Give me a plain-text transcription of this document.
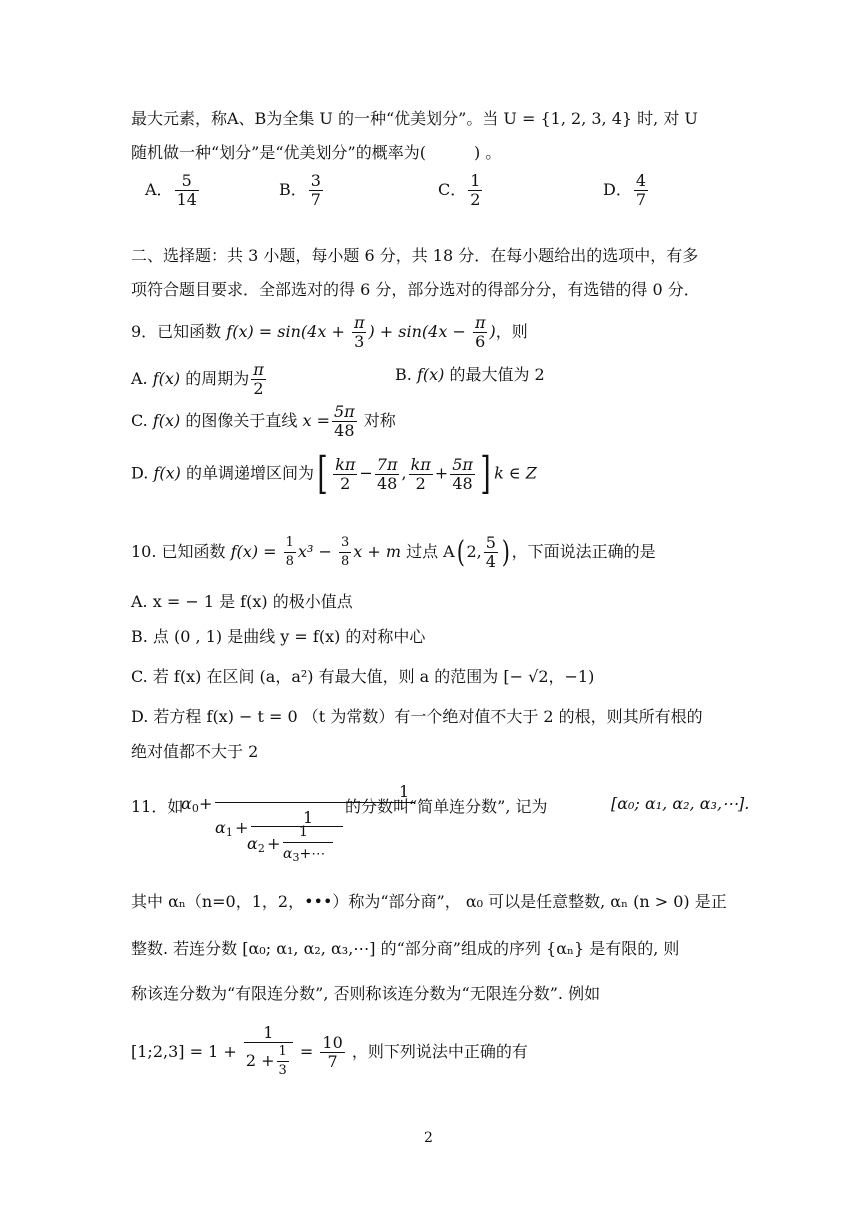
最大元素，称A、B为全集 U 的一种“优美划分”。当 U = {1, 2, 3, 4} 时, 对 U
随机做一种“划分”是“优美划分”的概率为(　　　) 。
A． $\frac{5}{14}$	B． $\frac{3}{7}$	C． $\frac{1}{2}$	D． $\frac{4}{7}$
二、选择题：共 3 小题，每小题 6 分，共 18 分．在每小题给出的选项中，有多
项符合题目要求．全部选对的得 6 分，部分选对的得部分分，有选错的得 0 分．
9．已知函数 $f(x) = \sin(4x + \frac{\pi}{3}$ ) + $\sin(4x - \frac{\pi}{6}$ )，则
A. f(x) 的周期为 $\frac{\pi}{2}$	B. f(x) 的最大值为 2
C. f(x) 的图像关于直线 $x = \frac{5\pi}{48}$ 对称
D. f(x) 的单调递增区间为[ $\frac{k\pi}{2} - \frac{7\pi}{48}$ , $\frac{k\pi}{2} + \frac{5\pi}{48}$ ] k ∈ Z
10. 已知函数 $f(x) = \frac{1}{8} x^3 - \frac{3}{8}$ x + m 过点 A( 2, $\frac{5}{4}$ ) ，下面说法正确的是
A. x = − 1 是 f(x) 的极小值点
B. 点 (0 , 1) 是曲线 y = f(x) 的对称中心
C. 若 f(x) 在区间 (a，a²) 有最大值，则 a 的范围为 [− √2，−1)
D. 若方程 f(x) − t = 0 （t 为常数）有一个绝对值不大于 2 的根，则其所有根的
绝对值都不大于 2
11．如
$\alpha_0$ +
1
$\alpha_1$ +
1
$\alpha_2$ +
1
$\alpha_3+\cdots$
的分数叫“简单连分数”, 记为	[α₀; α₁, α₂, α₃,⋯].
其中 αₙ（n=0，1，2，•••）称为“部分商”， α₀ 可以是任意整数, αₙ (n > 0) 是正
整数. 若连分数 [α₀; α₁, α₂, α₃,⋯] 的“部分商”组成的序列 {αₙ} 是有限的, 则
称该连分数为“有限连分数”, 否则称该连分数为“无限连分数”. 例如
[1;2,3] = $1 + \frac{1}{2 + \frac{1}{3}} = \frac{10}{7}$ ，则下列说法中正确的有
2
